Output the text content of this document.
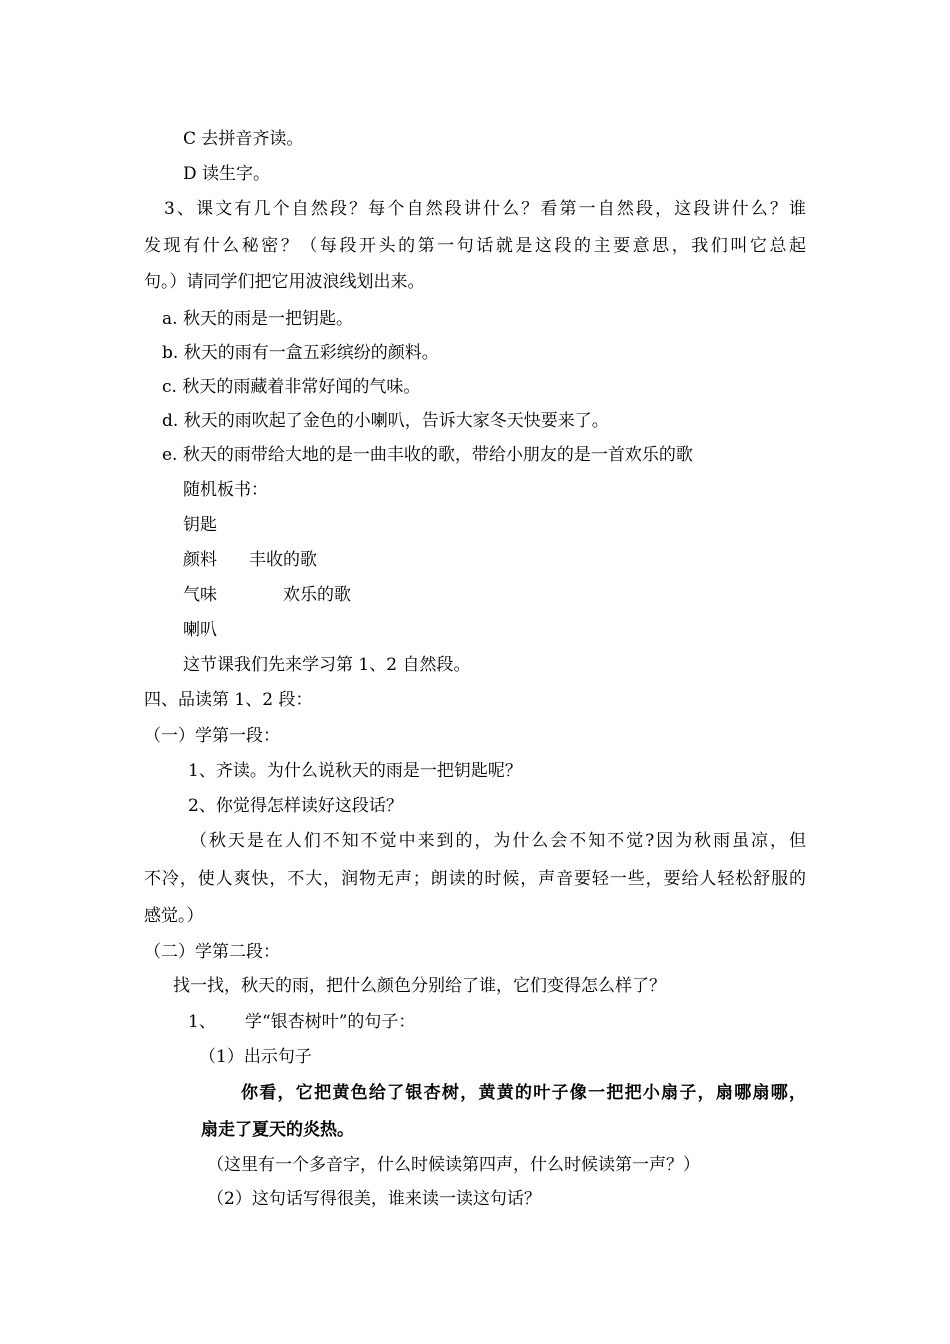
C 去拼音齐读。
D 读生字。
3、课文有几个自然段？每个自然段讲什么？看第一自然段，这段讲什么？谁
发现有什么秘密？（每段开头的第一句话就是这段的主要意思，我们叫它总起
句。）请同学们把它用波浪线划出来。
a. 秋天的雨是一把钥匙。
b. 秋天的雨有一盒五彩缤纷的颜料。
c. 秋天的雨藏着非常好闻的气味。
d. 秋天的雨吹起了金色的小喇叭，告诉大家冬天快要来了。
e. 秋天的雨带给大地的是一曲丰收的歌，带给小朋友的是一首欢乐的歌
随机板书：
钥匙
颜料 丰收的歌
气味	欢乐的歌
喇叭
这节课我们先来学习第 1、2 自然段。
四、品读第 1、2 段：
（一）学第一段：
1、齐读。为什么说秋天的雨是一把钥匙呢？
2、你觉得怎样读好这段话？
（秋天是在人们不知不觉中来到的，为什么会不知不觉?因为秋雨虽凉，但
不冷，使人爽快，不大，润物无声；朗读的时候，声音要轻一些，要给人轻松舒服的
感觉。）
（二）学第二段：
找一找，秋天的雨，把什么颜色分别给了谁，它们变得怎么样了？
1、 学“银杏树叶”的句子：
（1）出示句子
你看，它把黄色给了银杏树，黄黄的叶子像一把把小扇子，扇哪扇哪，
扇走了夏天的炎热。
（这里有一个多音字，什么时候读第四声，什么时候读第一声？）
（2）这句话写得很美，谁来读一读这句话？
